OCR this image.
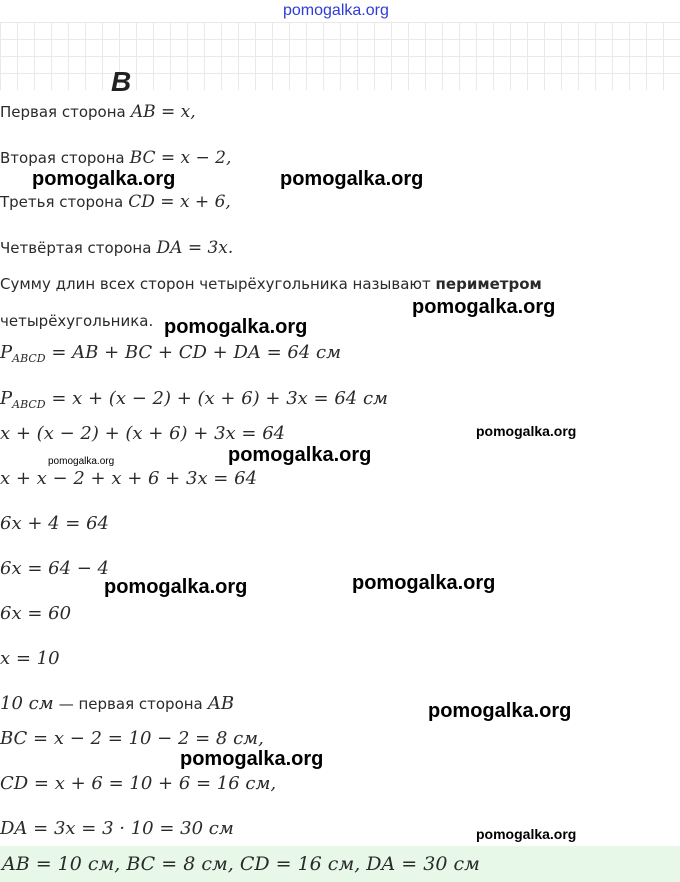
pomogalka.org
В
Первая сторона AB = x,
Вторая сторона BC = x − 2,
Третья сторона CD = x + 6,
Четвёртая сторона DA = 3x.
Сумму длин всех сторон четырёхугольника называют периметром
четырёхугольника.
$P_{ABCD}$ = AB + BC + CD + DA = 64 см
$P_{ABCD} = x + (x - 2) + (x + 6) + 3x = 64$ см
x + (x − 2) + (x + 6) + 3x = 64
x + x − 2 + x + 6 + 3x = 64
6x + 4 = 64
6x = 64 − 4
6x = 60
x = 10
10 см — первая сторона AB
BC = x − 2 = 10 − 2 = 8 см,
CD = x + 6 = 10 + 6 = 16 см,
DA = 3x = 3 · 10 = 30 см
AB = 10 см, BC = 8 см, CD = 16 см, DA = 30 см
pomogalka.org	pomogalka.org
pomogalka.org
pomogalka.org
pomogalka.org
pomogalka.org
pomogalka.org
pomogalka.org
pomogalka.org
pomogalka.org
pomogalka.org
pomogalka.org
